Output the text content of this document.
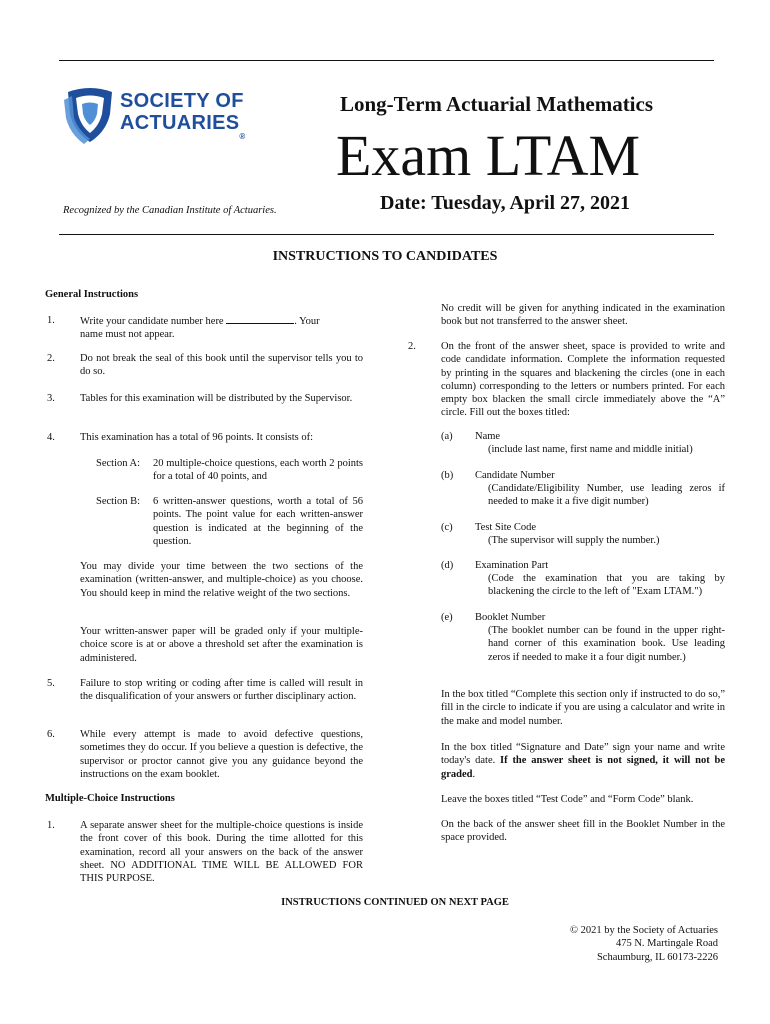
SOCIETY OF
ACTUARIES®
Long-Term Actuarial Mathematics
Exam LTAM
Recognized by the Canadian Institute of Actuaries.	Date: Tuesday, April 27, 2021
INSTRUCTIONS TO CANDIDATES
General Instructions
1. Write your candidate number here	. Your
name must not appear.
2. Do not break the seal of this book until the supervisor tells you to do so.
3. Tables for this examination will be distributed by the Supervisor.
4. This examination has a total of 96 points. It consists of:
Section A: 20 multiple-choice questions, each worth 2 points for a total of 40 points, and
Section B: 6 written-answer questions, worth a total of 56 points. The point value for each written-answer question is indicated at the beginning of the question.
You may divide your time between the two sections of the examination (written-answer, and multiple-choice) as you choose. You should keep in mind the relative weight of the two sections.
Your written-answer paper will be graded only if your multiple-choice score is at or above a threshold set after the examination is administered.
5. Failure to stop writing or coding after time is called will result in the disqualification of your answers or further disciplinary action.
6. While every attempt is made to avoid defective questions, sometimes they do occur. If you believe a question is defective, the supervisor or proctor cannot give you any guidance beyond the instructions on the exam booklet.
Multiple-Choice Instructions
1. A separate answer sheet for the multiple-choice questions is inside the front cover of this book. During the time allotted for this examination, record all your answers on the back of the answer sheet. NO ADDITIONAL TIME WILL BE ALLOWED FOR THIS PURPOSE.
No credit will be given for anything indicated in the examination book but not transferred to the answer sheet.
2. On the front of the answer sheet, space is provided to write and code candidate information. Complete the information requested by printing in the squares and blackening the circles (one in each column) corresponding to the letters or numbers printed. For each empty box blacken the small circle immediately above the “A” circle. Fill out the boxes titled:
(a) Name
(include last name, first name and middle initial)
(b) Candidate Number
(Candidate/Eligibility Number, use leading zeros if needed to make it a five digit number)
(c) Test Site Code
(The supervisor will supply the number.)
(d) Examination Part
(Code the examination that you are taking by blackening the circle to the left of "Exam LTAM.")
(e) Booklet Number
(The booklet number can be found in the upper right-hand corner of this examination book. Use leading zeros if needed to make it a four digit number.)
In the box titled “Complete this section only if instructed to do so,” fill in the circle to indicate if you are using a calculator and write in the make and model number.
In the box titled “Signature and Date” sign your name and write today's date. If the answer sheet is not signed, it will not be graded.
Leave the boxes titled “Test Code” and “Form Code” blank.
On the back of the answer sheet fill in the Booklet Number in the space provided.
INSTRUCTIONS CONTINUED ON NEXT PAGE
© 2021 by the Society of Actuaries
475 N. Martingale Road
Schaumburg, IL 60173-2226
